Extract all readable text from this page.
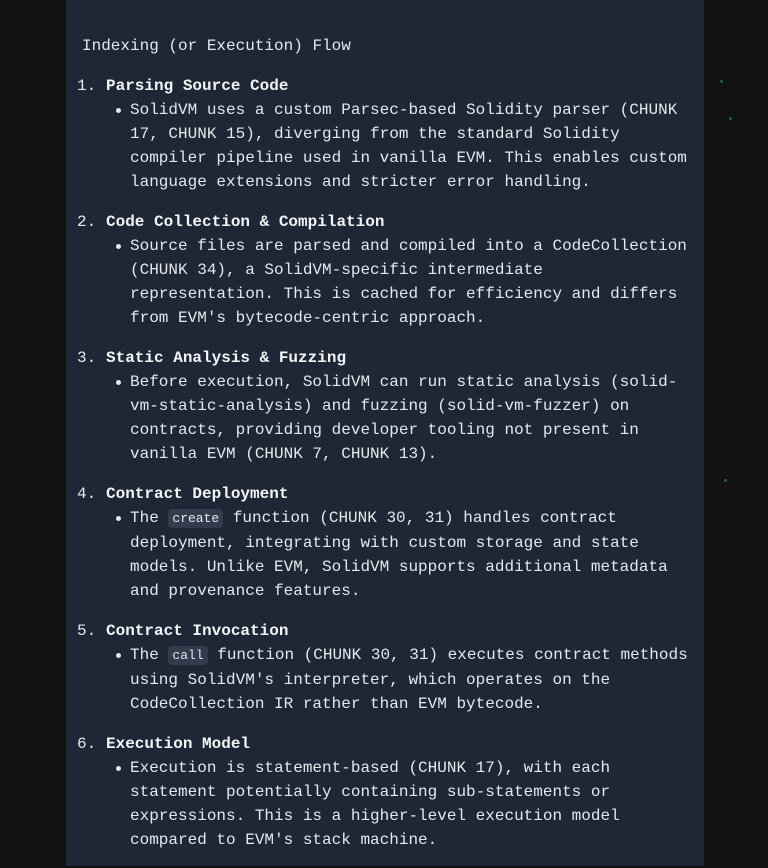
Indexing (or Execution) Flow
1. Parsing Source Code
SolidVM uses a custom Parsec-based Solidity parser (CHUNK 17, CHUNK 15), diverging from the standard Solidity compiler pipeline used in vanilla EVM. This enables custom language extensions and stricter error handling.
2. Code Collection & Compilation
Source files are parsed and compiled into a CodeCollection (CHUNK 34), a SolidVM-specific intermediate representation. This is cached for efficiency and differs from EVM's bytecode-centric approach.
3. Static Analysis & Fuzzing
Before execution, SolidVM can run static analysis (solid-vm-static-analysis) and fuzzing (solid-vm-fuzzer) on contracts, providing developer tooling not present in vanilla EVM (CHUNK 7, CHUNK 13).
4. Contract Deployment
The create function (CHUNK 30, 31) handles contract deployment, integrating with custom storage and state models. Unlike EVM, SolidVM supports additional metadata and provenance features.
5. Contract Invocation
The call function (CHUNK 30, 31) executes contract methods using SolidVM's interpreter, which operates on the CodeCollection IR rather than EVM bytecode.
6. Execution Model
Execution is statement-based (CHUNK 17), with each statement potentially containing sub-statements or expressions. This is a higher-level execution model compared to EVM's stack machine.
